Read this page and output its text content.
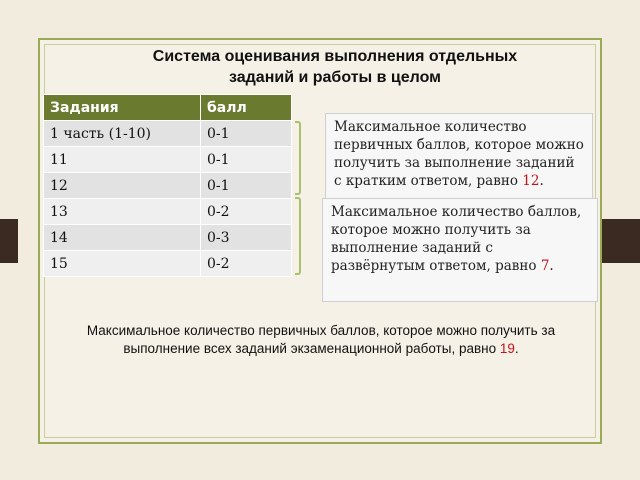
Система оценивания выполнения отдельных заданий и работы в целом
Задания	балл
1 часть (1-10)	0-1
11	0-1
12	0-1
13	0-2
14	0-3
15	0-2
Максимальное количество первичных баллов, которое можно получить за выполнение заданий с кратким ответом, равно 12.
Максимальное количество баллов, которое можно получить за выполнение заданий с развёрнутым ответом, равно 7.
Максимальное количество первичных баллов, которое можно получить за выполнение всех заданий экзаменационной работы, равно 19.
